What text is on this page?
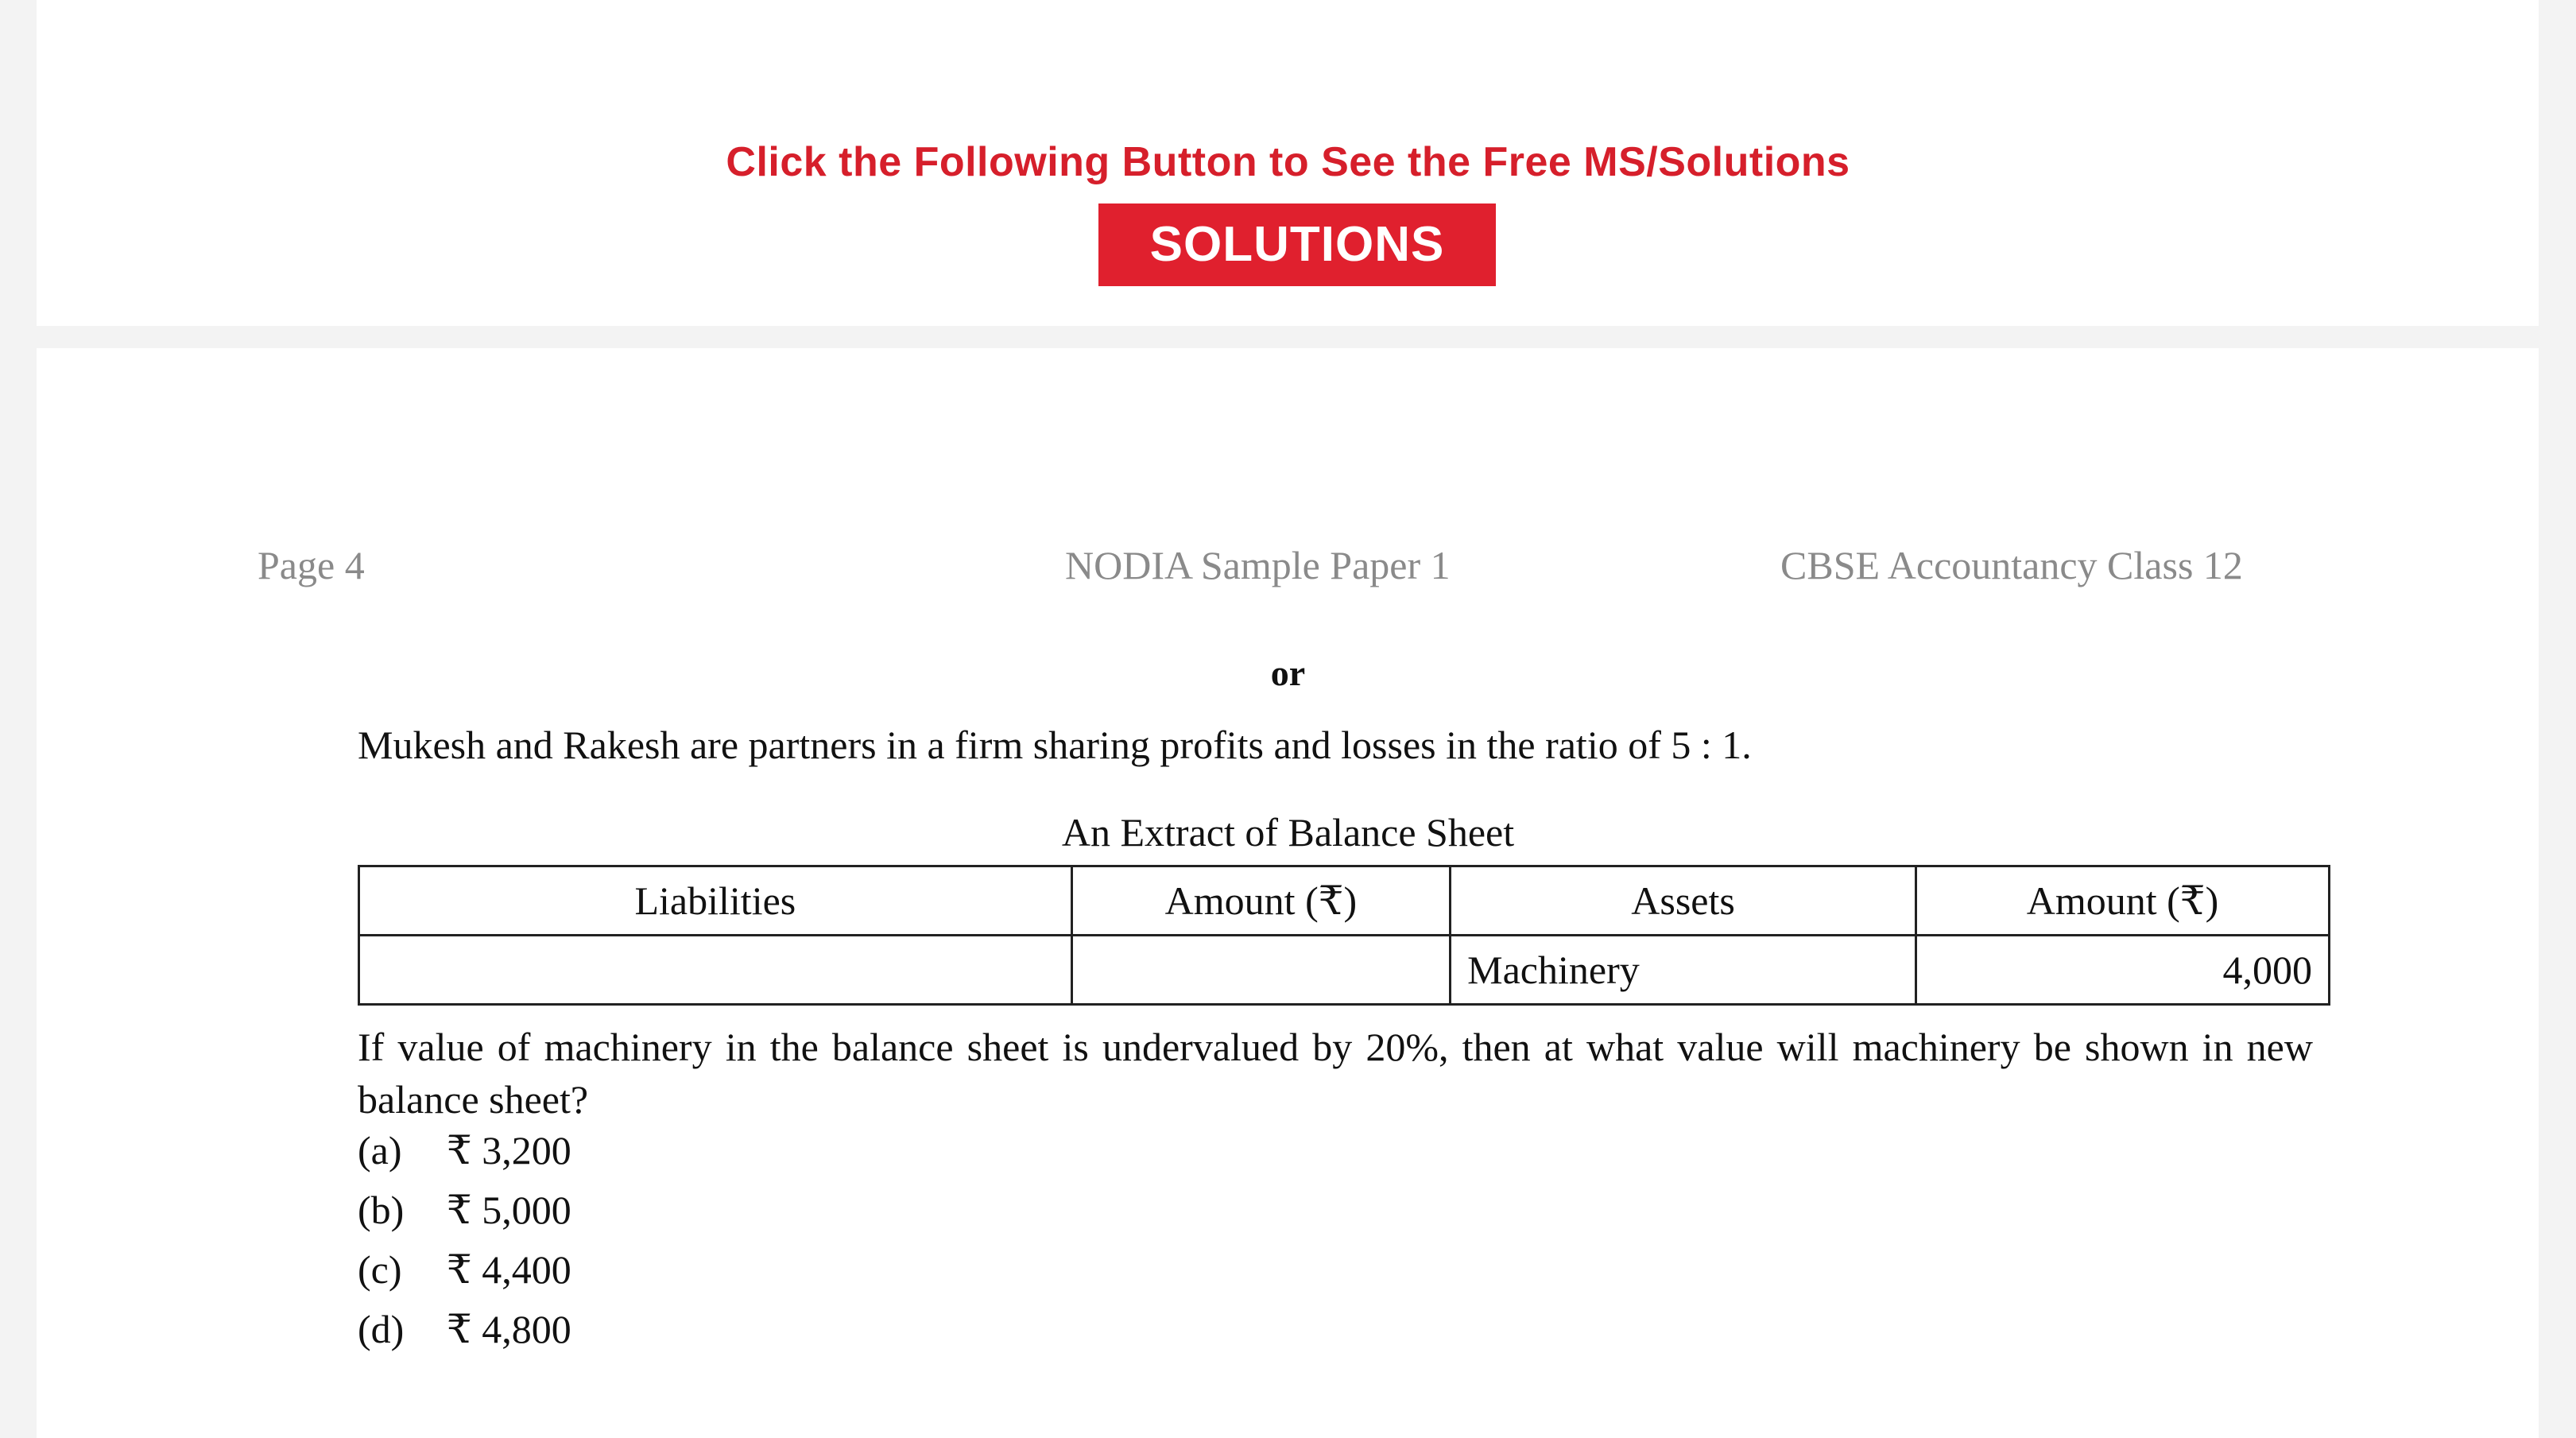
Click the Following Button to See the Free MS/Solutions
SOLUTIONS
Page 4	NODIA Sample Paper 1	CBSE Accountancy Class 12
or
Mukesh and Rakesh are partners in a firm sharing profits and losses in the ratio of 5 : 1.
An Extract of Balance Sheet
Liabilities	Amount (₹)	Assets	Amount (₹)
		Machinery	4,000
If value of machinery in the balance sheet is undervalued by 20%, then at what value will machinery be shown in new balance sheet?
(a) ₹ 3,200
(b) ₹ 5,000
(c) ₹ 4,400
(d) ₹ 4,800
